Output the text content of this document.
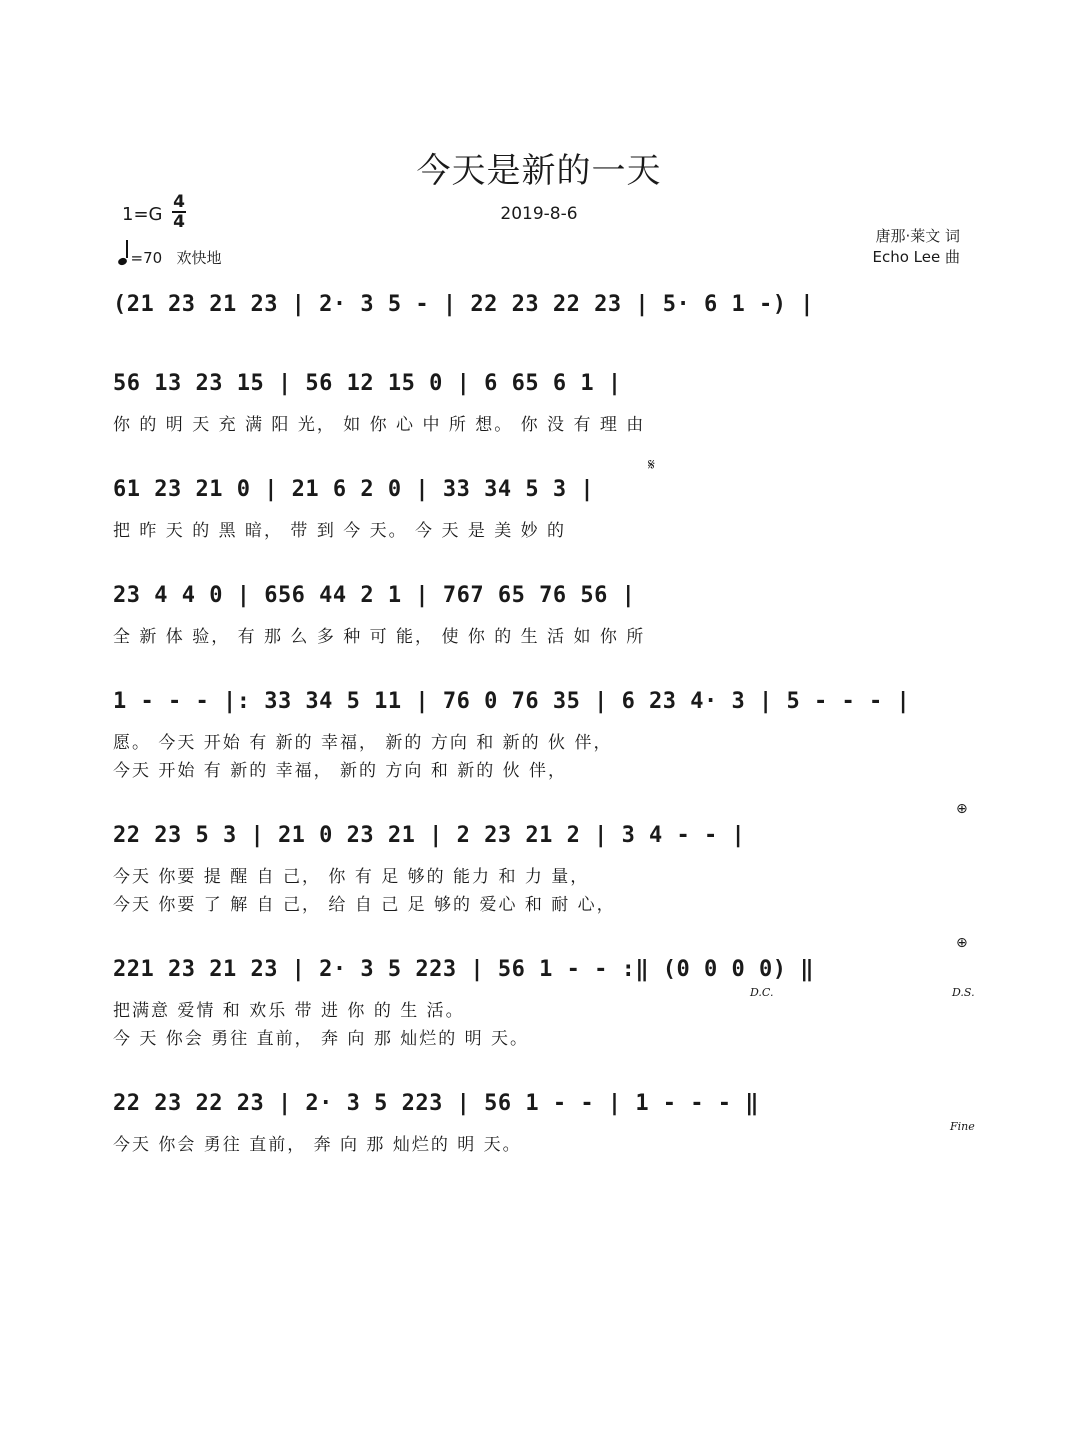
今天是新的一天
2019-8-6
1=G
4
4
=70 欢快地
唐那·莱文 词
Echo Lee 曲
(21 23 21 23 | 2· 3 5 - | 22 23 22 23 | 5· 6 1 -) |
56 13 23 15 | 56 12 15 0 | 6 65 6 1 |
你 的 明 天 充 满 阳 光， 如 你 心 中 所 想。 你 没 有 理 由
𝄋
61 23 21 0 | 21 6 2 0 | 33 34 5 3 |
把 昨 天 的 黑 暗， 带 到 今 天。 今 天 是 美 妙 的
23 4 4 0 | 656 44 2 1 | 767 65 76 56 |
全 新 体 验， 有 那 么 多 种 可 能， 使 你 的 生 活 如 你 所
1 - - - |: 33 34 5 11 | 76 0 76 35 | 6 23 4· 3 | 5 - - - |
愿。 今天 开始 有 新的 幸福， 新的 方向 和 新的 伙 伴，
今天 开始 有 新的 幸福， 新的 方向 和 新的 伙 伴，
⊕
22 23 5 3 | 21 0 23 21 | 2 23 21 2 | 3 4 - - |
今天 你要 提 醒 自 己， 你 有 足 够的 能力 和 力 量，
今天 你要 了 解 自 己， 给 自 己 足 够的 爱心 和 耐 心，
⊕
221 23 21 23 | 2· 3 5 223 | 56 1 - - :‖ (0 0 0 0) ‖
D.C.	D.S.
把满意 爱情 和 欢乐 带 进 你 的 生 活。
今 天 你会 勇往 直前， 奔 向 那 灿烂的 明 天。
22 23 22 23 | 2· 3 5 223 | 56 1 - - | 1 - - - ‖
Fine
今天 你会 勇往 直前， 奔 向 那 灿烂的 明 天。
